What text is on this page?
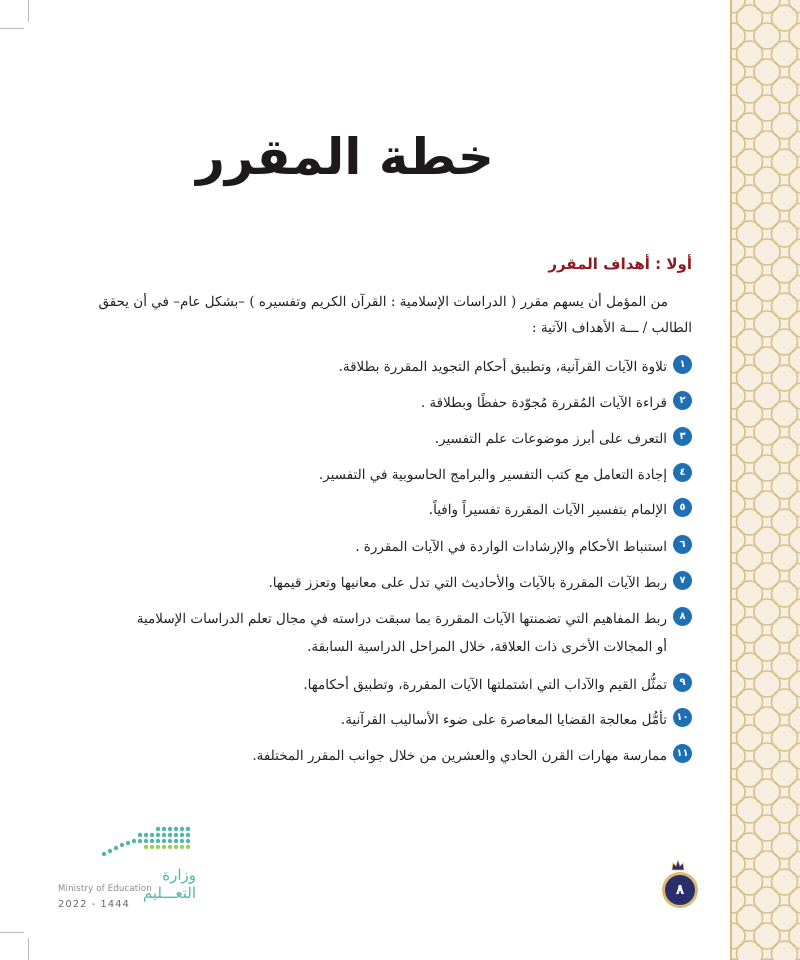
خطة المقرر
أولا : أهداف المقرر
من المؤمل أن يسهم مقرر ( الدراسات الإسلامية : القرآن الكريم وتفسيره ) –بشكل عام– في أن يحقق
الطالب / ـــة الأهداف الآتية :
١
تلاوة الآيات القرآنية، وتطبيق أحكام التجويد المقررة بطلاقة.
٢
قراءة الآيات المُقررة مُجوّدة حفظًا وبطلاقة .
٣
التعرف على أبرز موضوعات علم التفسير.
٤
إجادة التعامل مع كتب التفسير والبرامج الحاسوبية في التفسير.
٥
الإلمام بتفسير الآيات المقررة تفسيراً وافياً.
٦
استنباط الأحكام والإرشادات الواردة في الآيات المقررة .
٧
ربط الآيات المقررة بالآيات والأحاديث التي تدل على معانيها وتعزز قيمها.
٨
ربط المفاهيم التي تضمنتها الآيات المقررة بما سبقت دراسته في مجال تعلم الدراسات الإسلامية
أو المجالات الأخرى ذات العلاقة، خلال المراحل الدراسية السابقة.
٩
تمثُّل القيم والآداب التي اشتملتها الآيات المقررة، وتطبيق أحكامها.
١٠
تأمُّل معالجة القضايا المعاصرة على ضوء الأساليب القرآنية.
١١
ممارسة مهارات القرن الحادي والعشرين من خلال جوانب المقرر المختلفة.
وزارة التعـــليم
Ministry of Education
2022 - 1444
٨
